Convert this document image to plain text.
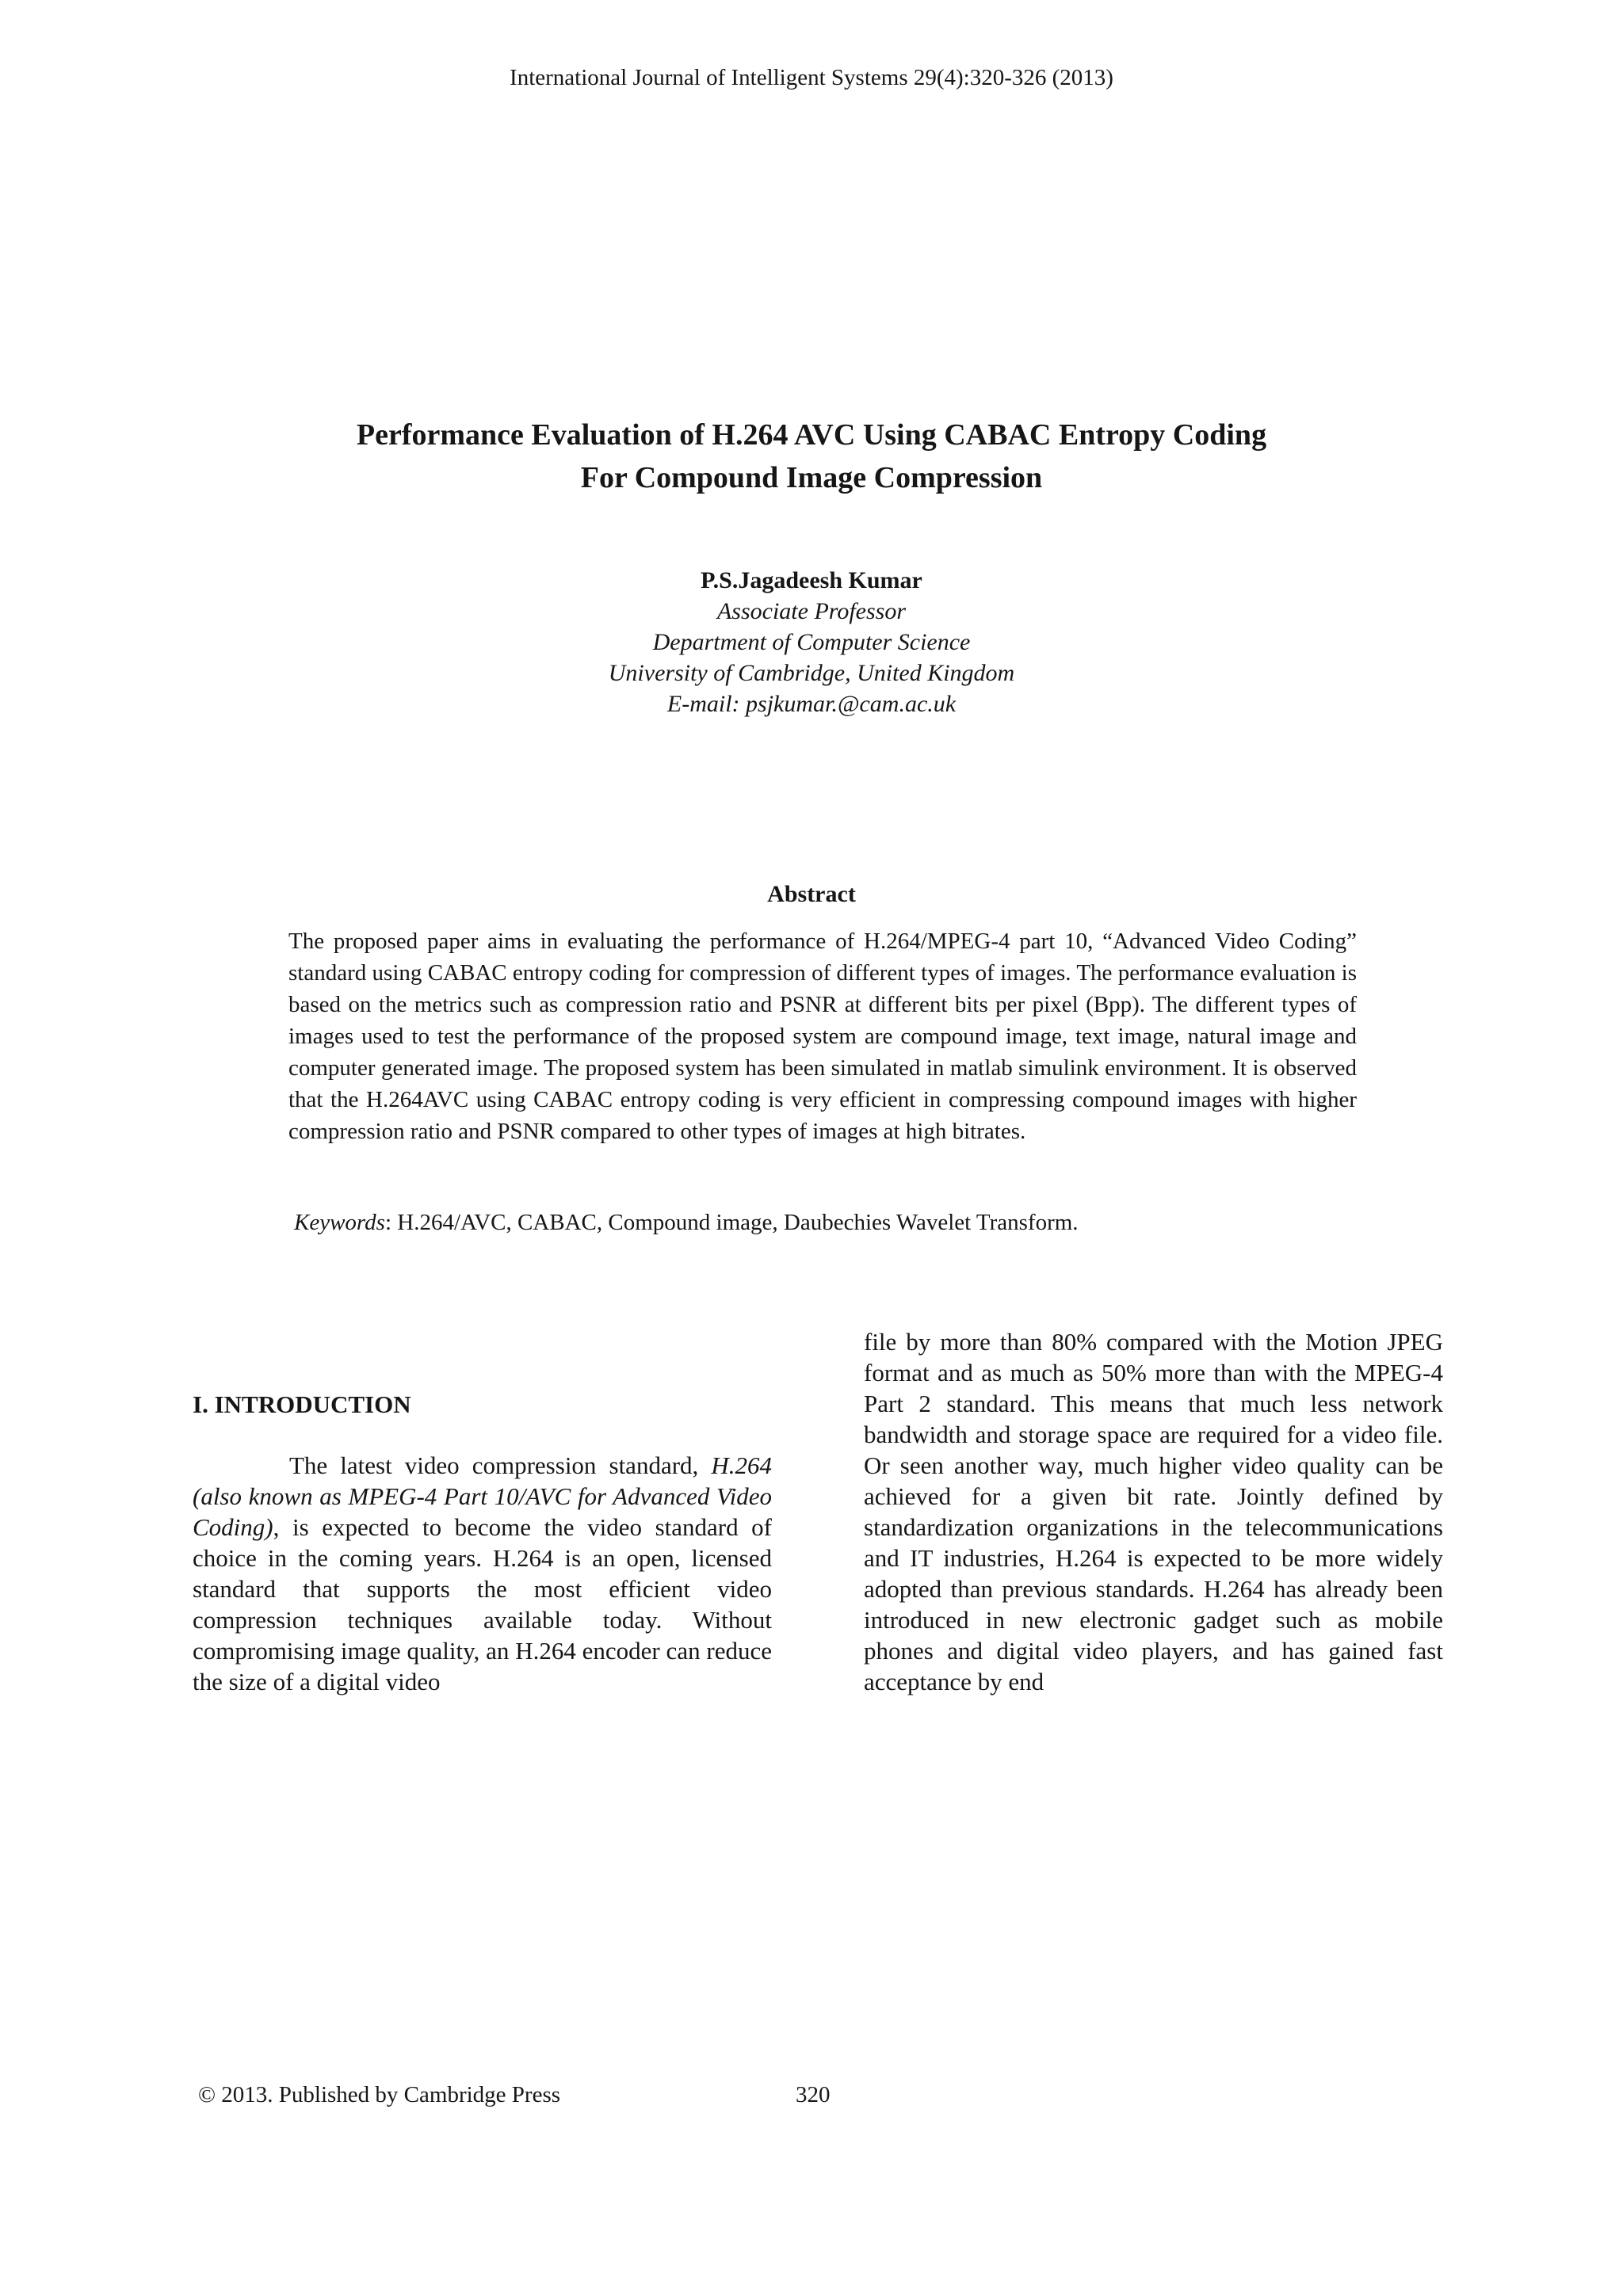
International Journal of Intelligent Systems 29(4):320-326 (2013)
Performance Evaluation of H.264 AVC Using CABAC Entropy Coding
For Compound Image Compression
P.S.Jagadeesh Kumar
Associate Professor
Department of Computer Science
University of Cambridge, United Kingdom
E-mail: psjkumar.@cam.ac.uk
Abstract
The proposed paper aims in evaluating the performance of H.264/MPEG-4 part 10, “Advanced Video Coding” standard using CABAC entropy coding for compression of different types of images. The performance evaluation is based on the metrics such as compression ratio and PSNR at different bits per pixel (Bpp). The different types of images used to test the performance of the proposed system are compound image, text image, natural image and computer generated image. The proposed system has been simulated in matlab simulink environment. It is observed that the H.264AVC using CABAC entropy coding is very efficient in compressing compound images with higher compression ratio and PSNR compared to other types of images at high bitrates.
Keywords: H.264/AVC, CABAC, Compound image, Daubechies Wavelet Transform.
I. INTRODUCTION
The latest video compression standard, H.264 (also known as MPEG-4 Part 10/AVC for Advanced Video Coding), is expected to become the video standard of choice in the coming years. H.264 is an open, licensed standard that supports the most efficient video compression techniques available today. Without compromising image quality, an H.264 encoder can reduce the size of a digital video
file by more than 80% compared with the Motion JPEG format and as much as 50% more than with the MPEG-4 Part 2 standard. This means that much less network bandwidth and storage space are required for a video file. Or seen another way, much higher video quality can be achieved for a given bit rate. Jointly defined by standardization organizations in the telecommunications and IT industries, H.264 is expected to be more widely adopted than previous standards. H.264 has already been introduced in new electronic gadget such as mobile phones and digital video players, and has gained fast acceptance by end
© 2013. Published by Cambridge Press	320
